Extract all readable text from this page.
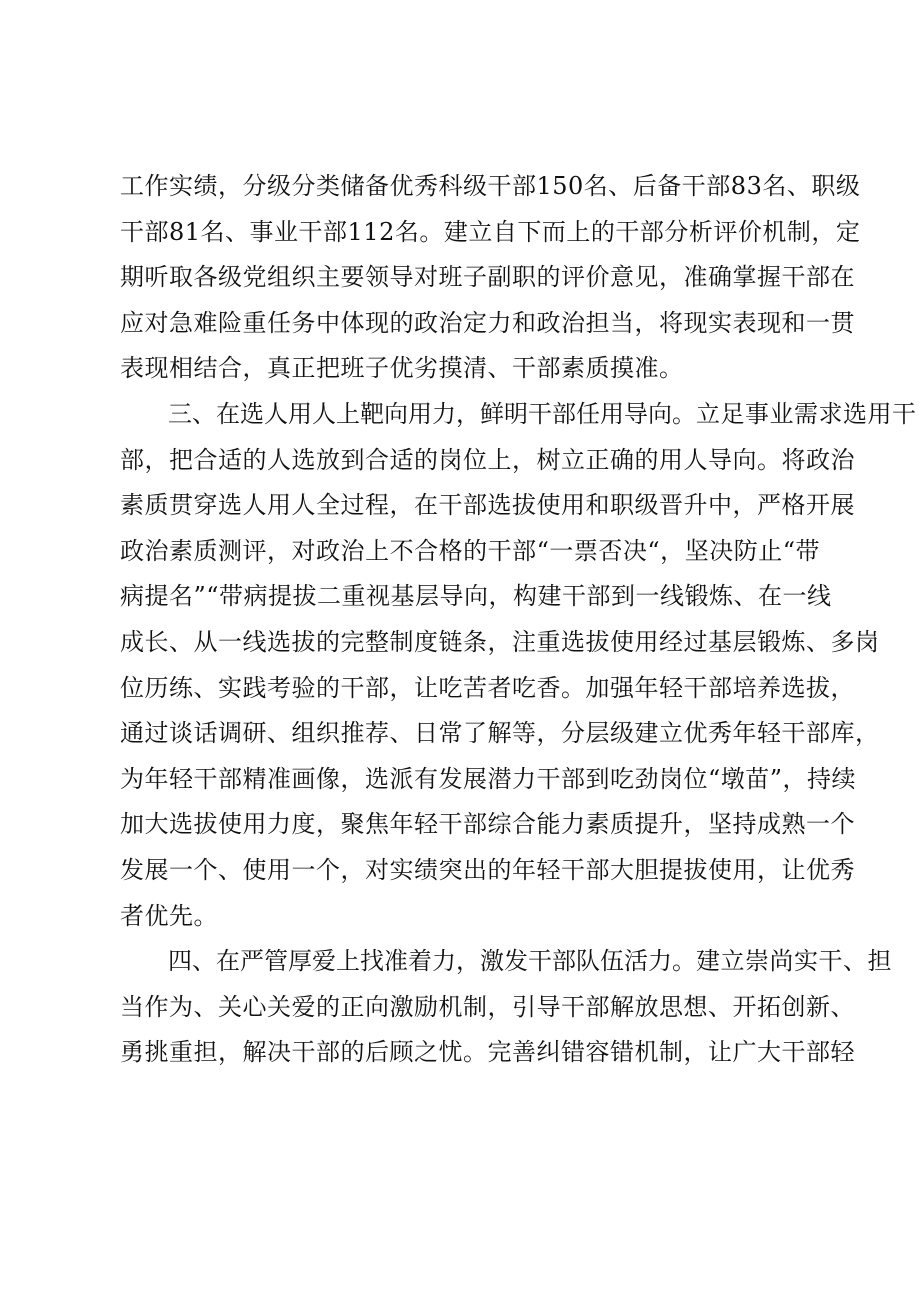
工作实绩，分级分类储备优秀科级干部150名、后备干部83名、职级
干部81名、事业干部112名。建立自下而上的干部分析评价机制，定
期听取各级党组织主要领导对班子副职的评价意见，准确掌握干部在
应对急难险重任务中体现的政治定力和政治担当，将现实表现和一贯
表现相结合，真正把班子优劣摸清、干部素质摸准。
三、在选人用人上靶向用力，鲜明干部任用导向。立足事业需求选用干
部，把合适的人选放到合适的岗位上，树立正确的用人导向。将政治
素质贯穿选人用人全过程，在干部选拔使用和职级晋升中，严格开展
政治素质测评，对政治上不合格的干部“一票否决“，坚决防止“带
病提名”“带病提拔二重视基层导向，构建干部到一线锻炼、在一线
成长、从一线选拔的完整制度链条，注重选拔使用经过基层锻炼、多岗
位历练、实践考验的干部，让吃苦者吃香。加强年轻干部培养选拔，
通过谈话调研、组织推荐、日常了解等，分层级建立优秀年轻干部库，
为年轻干部精准画像，选派有发展潜力干部到吃劲岗位“墩苗”，持续
加大选拔使用力度，聚焦年轻干部综合能力素质提升，坚持成熟一个
发展一个、使用一个，对实绩突出的年轻干部大胆提拔使用，让优秀
者优先。
四、在严管厚爱上找准着力，激发干部队伍活力。建立崇尚实干、担
当作为、关心关爱的正向激励机制，引导干部解放思想、开拓创新、
勇挑重担，解决干部的后顾之忧。完善纠错容错机制，让广大干部轻
